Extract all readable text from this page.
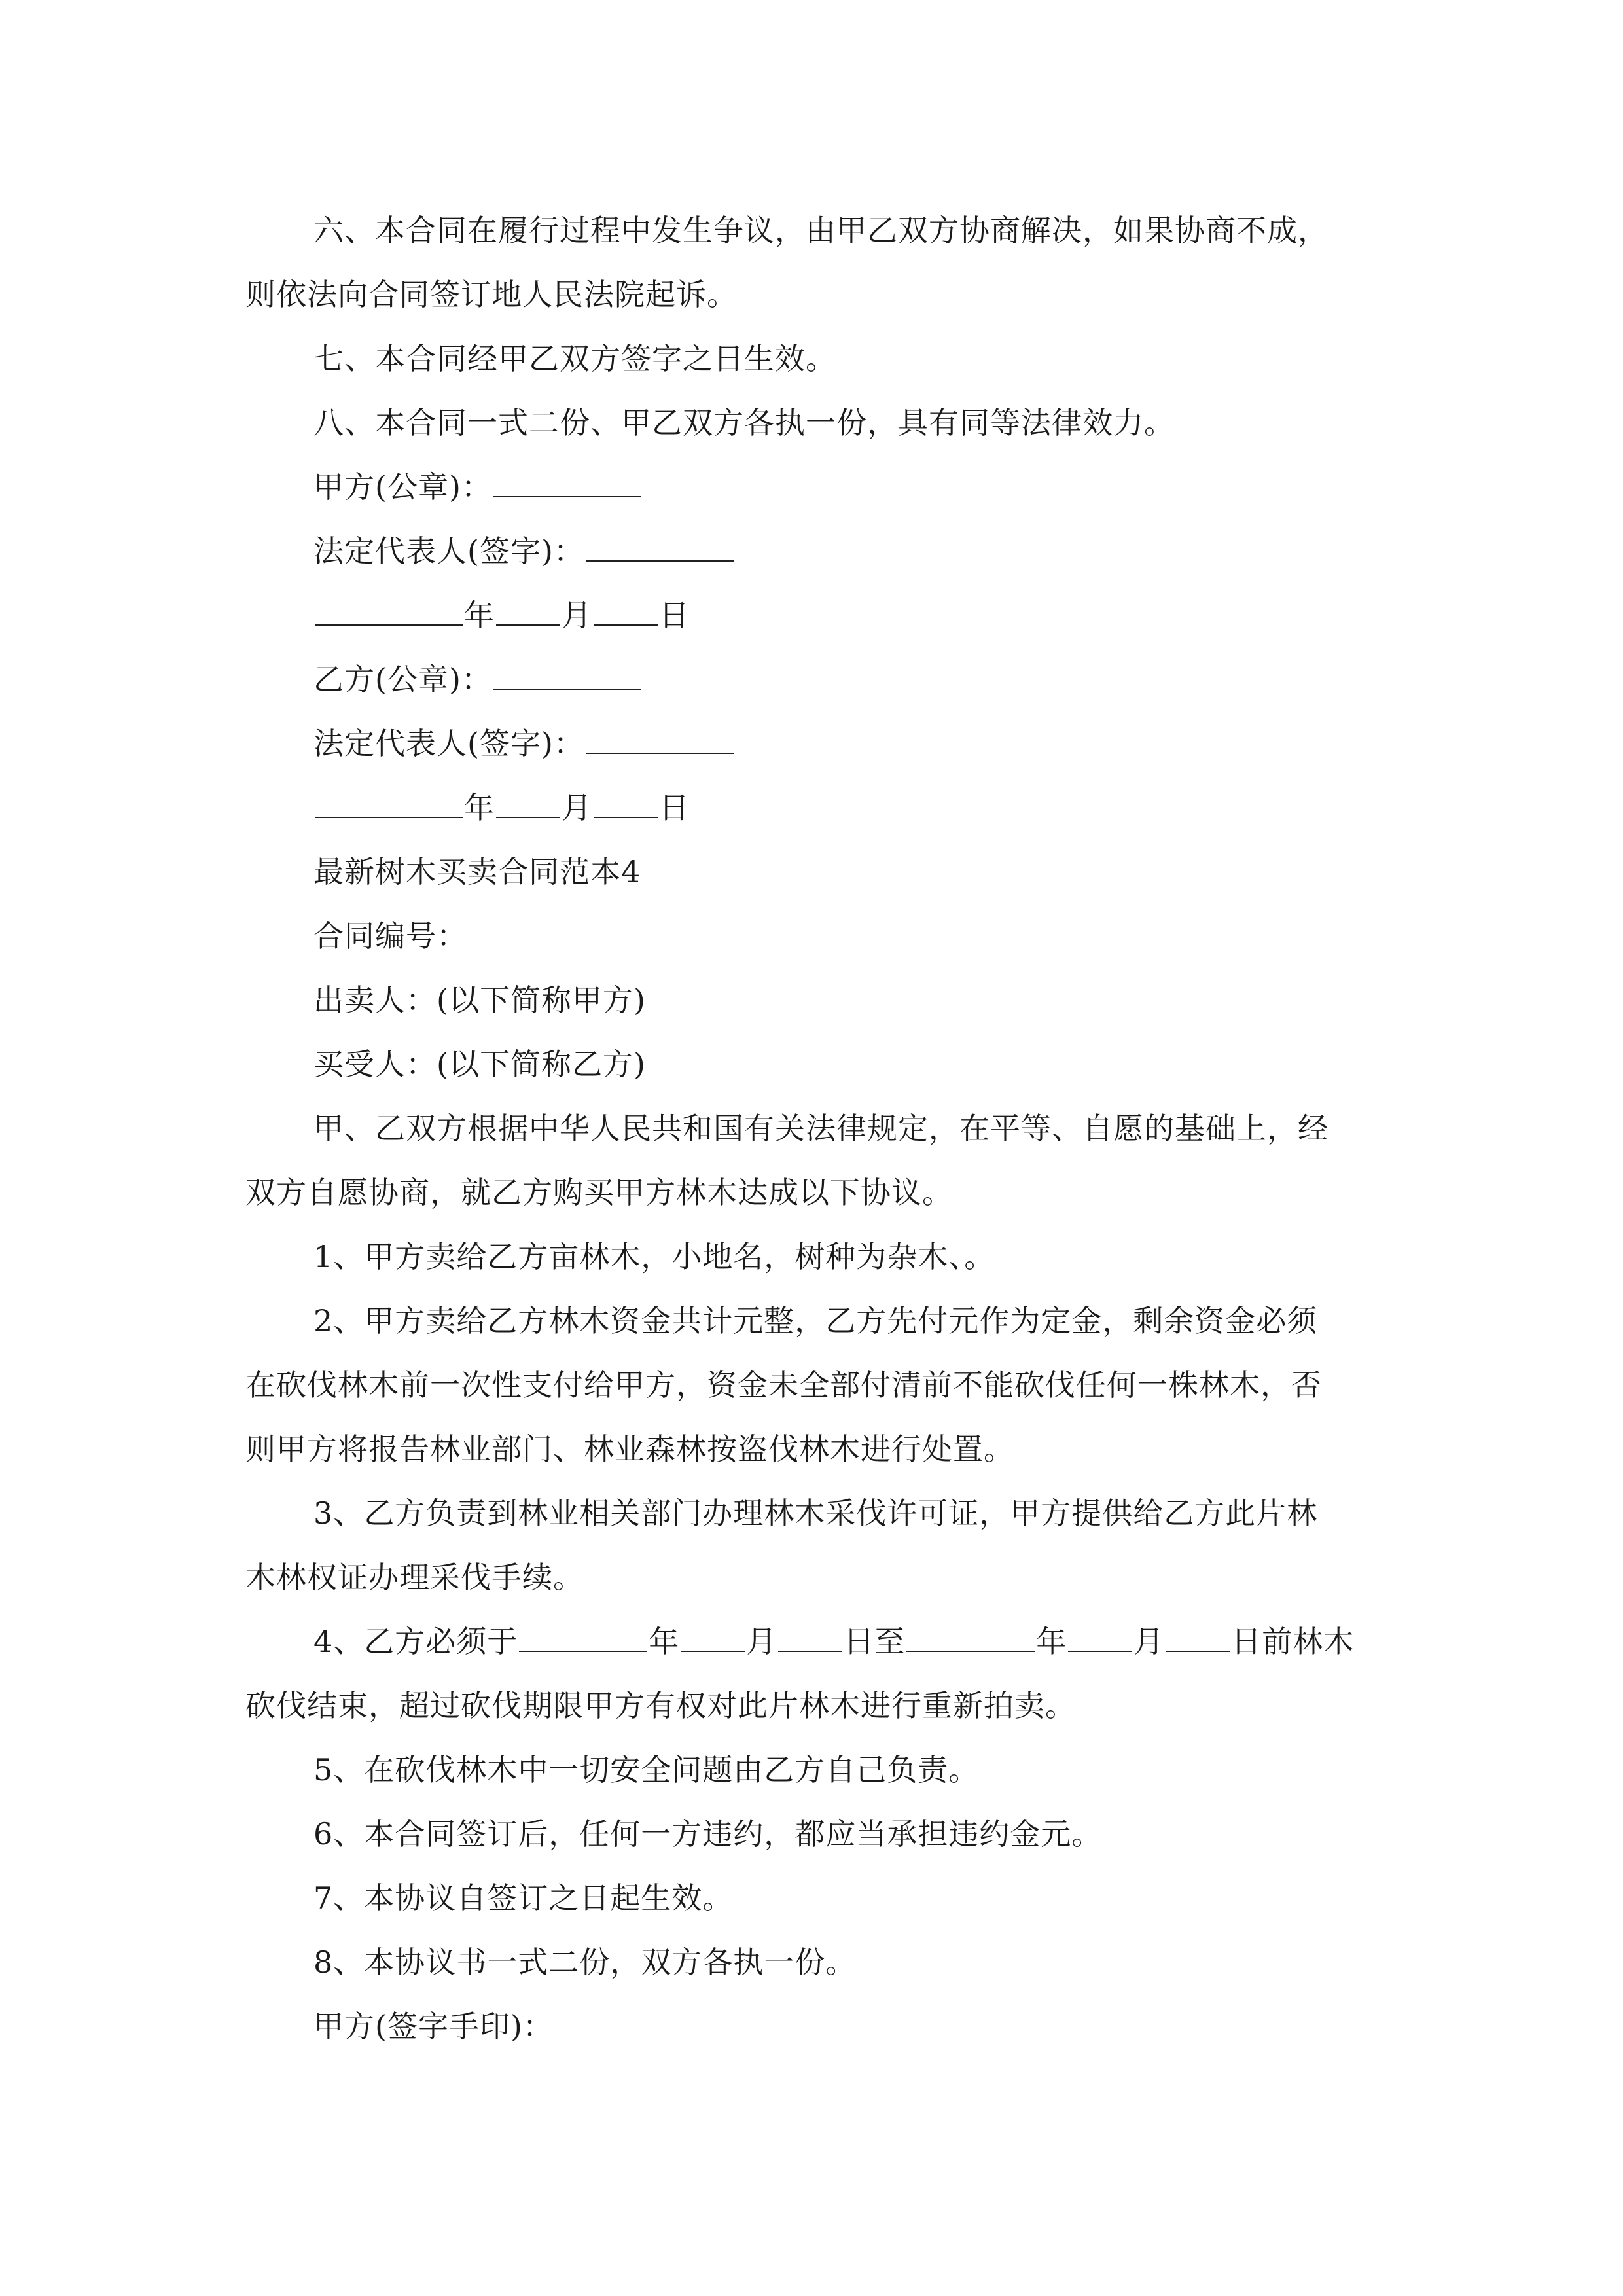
六、本合同在履行过程中发生争议，由甲乙双方协商解决，如果协商不成，
则依法向合同签订地人民法院起诉。
七、本合同经甲乙双方签字之日生效。
八、本合同一式二份、甲乙双方各执一份，具有同等法律效力。
甲方(公章)：
法定代表人(签字)：
年 月 日
乙方(公章)：
法定代表人(签字)：
年 月 日
最新树木买卖合同范本4
合同编号：
出卖人：(以下简称甲方)
买受人：(以下简称乙方)
甲、乙双方根据中华人民共和国有关法律规定，在平等、自愿的基础上，经
双方自愿协商，就乙方购买甲方林木达成以下协议。
1、甲方卖给乙方亩林木，小地名，树种为杂木、。
2、甲方卖给乙方林木资金共计元整，乙方先付元作为定金，剩余资金必须
在砍伐林木前一次性支付给甲方，资金未全部付清前不能砍伐任何一株林木，否
则甲方将报告林业部门、林业森林按盗伐林木进行处置。
3、乙方负责到林业相关部门办理林木采伐许可证，甲方提供给乙方此片林
木林权证办理采伐手续。
4、乙方必须于	年 月 日至	年 月 日前林木
砍伐结束，超过砍伐期限甲方有权对此片林木进行重新拍卖。
5、在砍伐林木中一切安全问题由乙方自己负责。
6、本合同签订后，任何一方违约，都应当承担违约金元。
7、本协议自签订之日起生效。
8、本协议书一式二份，双方各执一份。
甲方(签字手印)：
